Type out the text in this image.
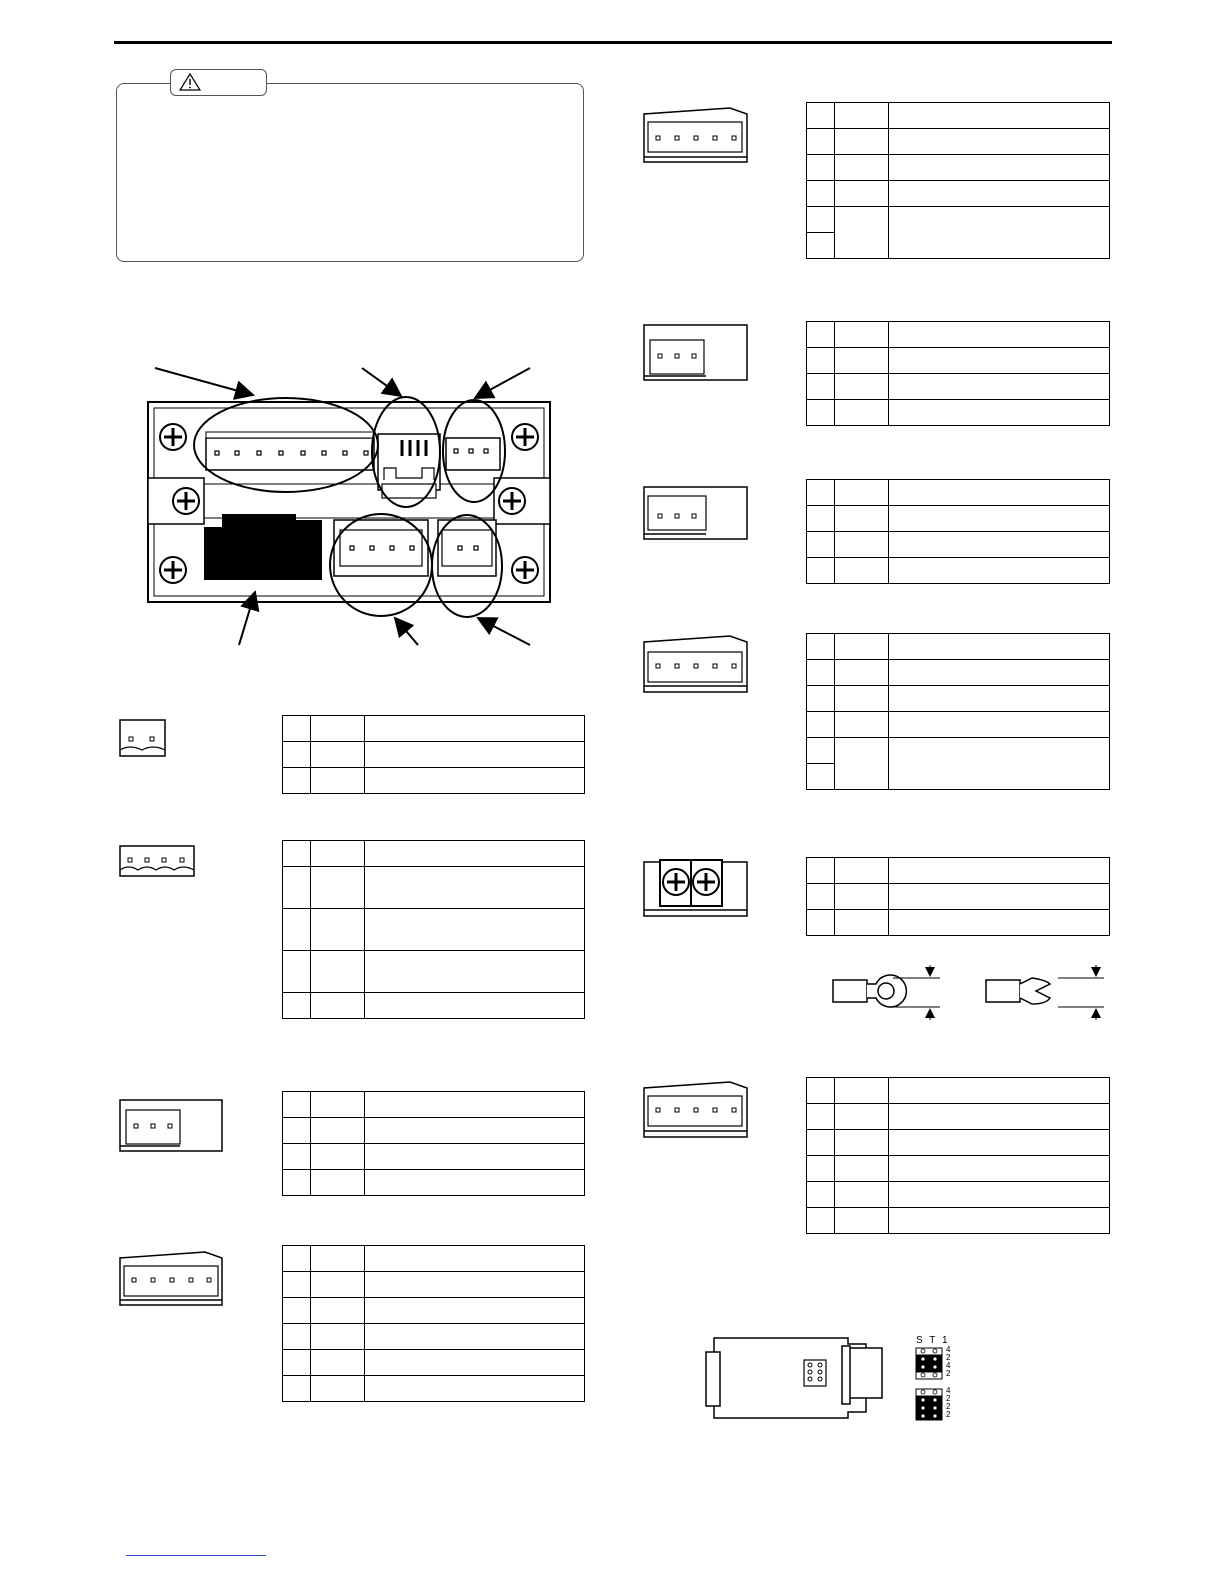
S T 1
4
2
4
2
4
2
2
2
